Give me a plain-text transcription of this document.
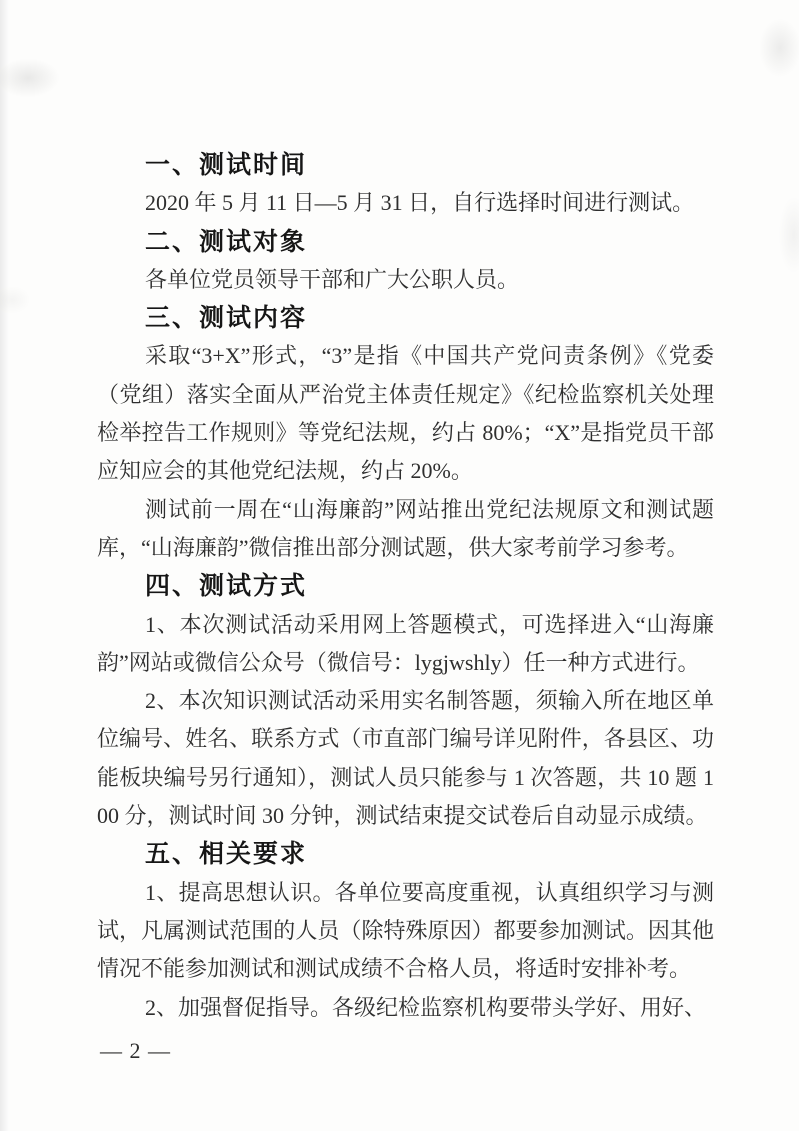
一、测试时间

2020 年 5 月 11 日—5 月 31 日，自行选择时间进行测试。

二、测试对象

各单位党员领导干部和广大公职人员。

三、测试内容

采取“3+X”形式，“3”是指《中国共产党问责条例》《党委（党组）落实全面从严治党主体责任规定》《纪检监察机关处理检举控告工作规则》等党纪法规，约占 80%；“X”是指党员干部应知应会的其他党纪法规，约占 20%。

测试前一周在“山海廉韵”网站推出党纪法规原文和测试题库，“山海廉韵”微信推出部分测试题，供大家考前学习参考。

四、测试方式

1、本次测试活动采用网上答题模式，可选择进入“山海廉韵”网站或微信公众号（微信号：lygjwshly）任一种方式进行。

2、本次知识测试活动采用实名制答题，须输入所在地区单位编号、姓名、联系方式（市直部门编号详见附件，各县区、功能板块编号另行通知），测试人员只能参与 1 次答题，共 10 题 100 分，测试时间 30 分钟，测试结束提交试卷后自动显示成绩。

五、相关要求

1、提高思想认识。各单位要高度重视，认真组织学习与测试，凡属测试范围的人员（除特殊原因）都要参加测试。因其他情况不能参加测试和测试成绩不合格人员，将适时安排补考。

2、加强督促指导。各级纪检监察机构要带头学好、用好、

— 2 —
